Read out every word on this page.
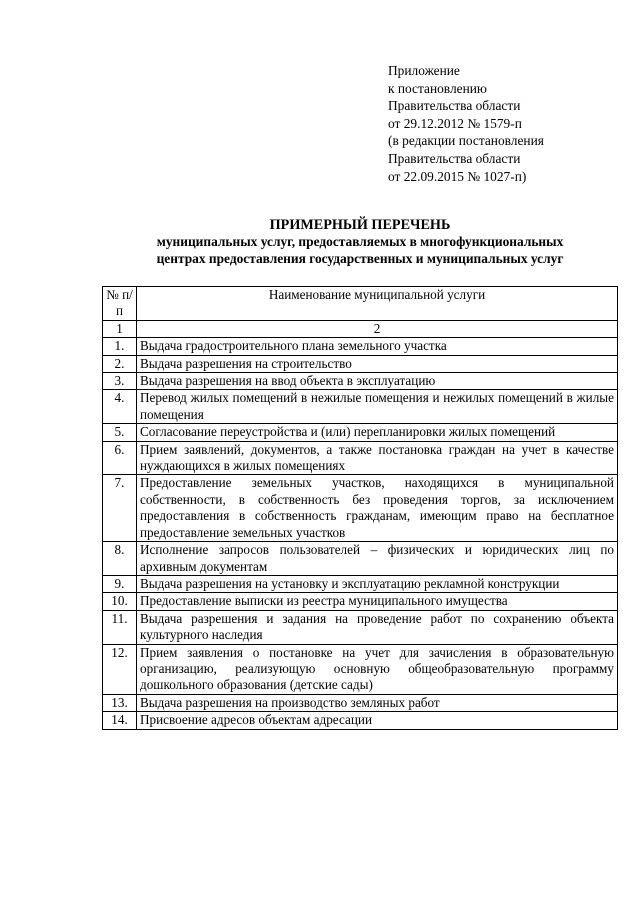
Приложение
к постановлению
Правительства области
от 29.12.2012 № 1579-п
(в редакции постановления
Правительства области
от 22.09.2015 № 1027-п)
ПРИМЕРНЫЙ ПЕРЕЧЕНЬ
муниципальных услуг, предоставляемых в многофункциональных
центрах предоставления государственных и муниципальных услуг
№ п/п	Наименование муниципальной услуги
1	2
1.	Выдача градостроительного плана земельного участка
2.	Выдача разрешения на строительство
3.	Выдача разрешения на ввод объекта в эксплуатацию
4.	Перевод жилых помещений в нежилые помещения и нежилых помещений в жилые помещения
5.	Согласование переустройства и (или) перепланировки жилых помещений
6.	Прием заявлений, документов, а также постановка граждан на учет в качестве нуждающихся в жилых помещениях
7.	Предоставление земельных участков, находящихся в муниципальной собственности, в собственность без проведения торгов, за исключением предоставления в собственность гражданам, имеющим право на бесплатное предоставление земельных участков
8.	Исполнение запросов пользователей – физических и юридических лиц по архивным документам
9.	Выдача разрешения на установку и эксплуатацию рекламной конструкции
10.	Предоставление выписки из реестра муниципального имущества
11.	Выдача разрешения и задания на проведение работ по сохранению объекта культурного наследия
12.	Прием заявления о постановке на учет для зачисления в образовательную организацию, реализующую основную общеобразовательную программу дошкольного образования (детские сады)
13.	Выдача разрешения на производство земляных работ
14.	Присвоение адресов объектам адресации
